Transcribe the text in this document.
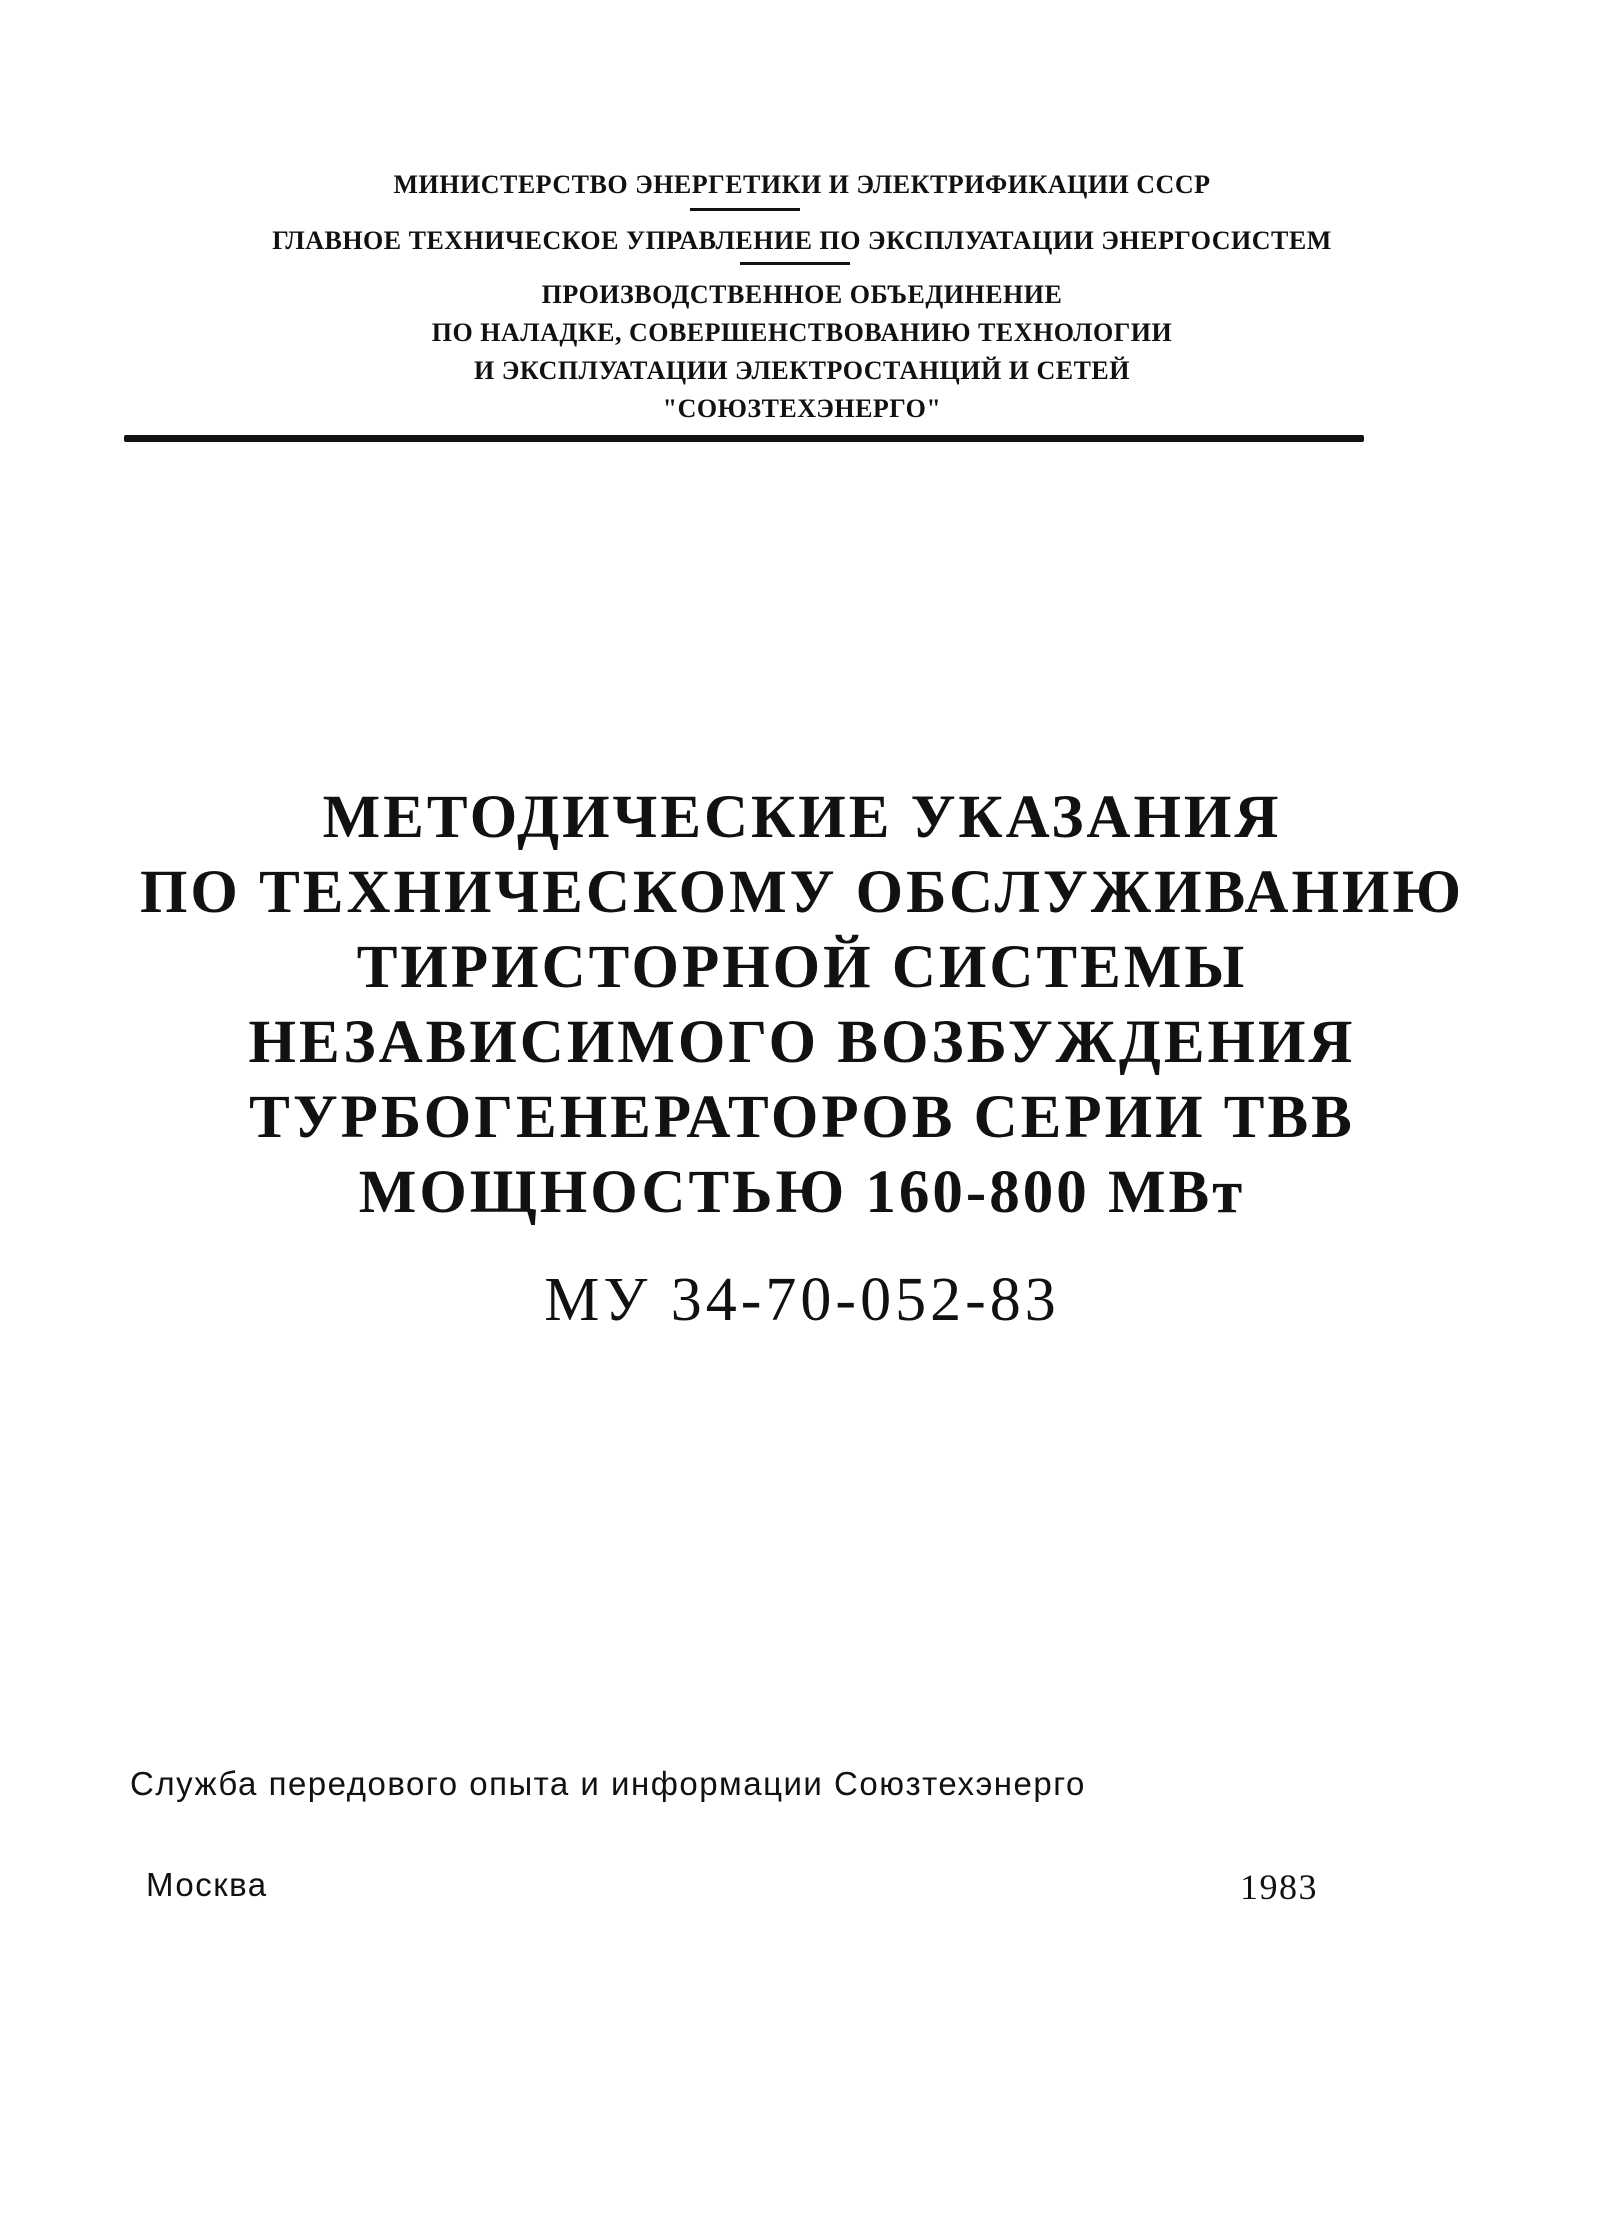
МИНИСТЕРСТВО ЭНЕРГЕТИКИ И ЭЛЕКТРИФИКАЦИИ СССР
ГЛАВНОЕ ТЕХНИЧЕСКОЕ УПРАВЛЕНИЕ ПО ЭКСПЛУАТАЦИИ ЭНЕРГОСИСТЕМ
ПРОИЗВОДСТВЕННОЕ ОБЪЕДИНЕНИЕ
ПО НАЛАДКЕ, СОВЕРШЕНСТВОВАНИЮ ТЕХНОЛОГИИ
И ЭКСПЛУАТАЦИИ ЭЛЕКТРОСТАНЦИЙ И СЕТЕЙ
"СОЮЗТЕХЭНЕРГО"
МЕТОДИЧЕСКИЕ УКАЗАНИЯ
ПО ТЕХНИЧЕСКОМУ ОБСЛУЖИВАНИЮ
ТИРИСТОРНОЙ СИСТЕМЫ
НЕЗАВИСИМОГО ВОЗБУЖДЕНИЯ
ТУРБОГЕНЕРАТОРОВ СЕРИИ ТВВ
МОЩНОСТЬЮ 160-800 МВт
МУ 34-70-052-83
Служба передового опыта и информации Союзтехэнерго
Москва	1983
